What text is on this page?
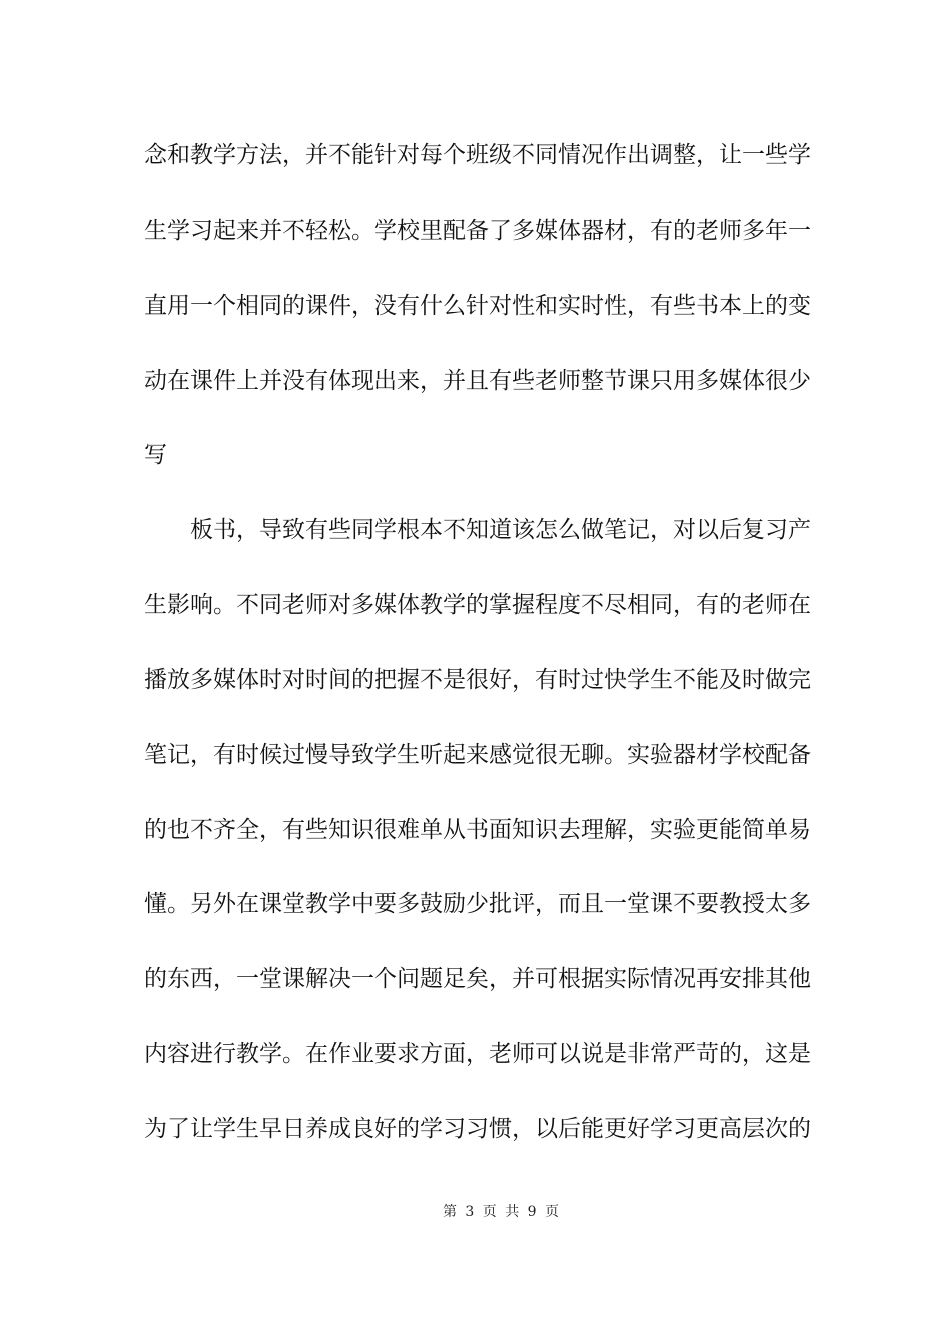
念和教学方法，并不能针对每个班级不同情况作出调整，让一些学
生学习起来并不轻松。学校里配备了多媒体器材，有的老师多年一
直用一个相同的课件，没有什么针对性和实时性，有些书本上的变
动在课件上并没有体现出来，并且有些老师整节课只用多媒体很少
写
板书，导致有些同学根本不知道该怎么做笔记，对以后复习产
生影响。不同老师对多媒体教学的掌握程度不尽相同，有的老师在
播放多媒体时对时间的把握不是很好，有时过快学生不能及时做完
笔记，有时候过慢导致学生听起来感觉很无聊。实验器材学校配备
的也不齐全，有些知识很难单从书面知识去理解，实验更能简单易
懂。另外在课堂教学中要多鼓励少批评，而且一堂课不要教授太多
的东西，一堂课解决一个问题足矣，并可根据实际情况再安排其他
内容进行教学。在作业要求方面，老师可以说是非常严苛的，这是
为了让学生早日养成良好的学习习惯，以后能更好学习更高层次的
第 3 页 共 9 页
